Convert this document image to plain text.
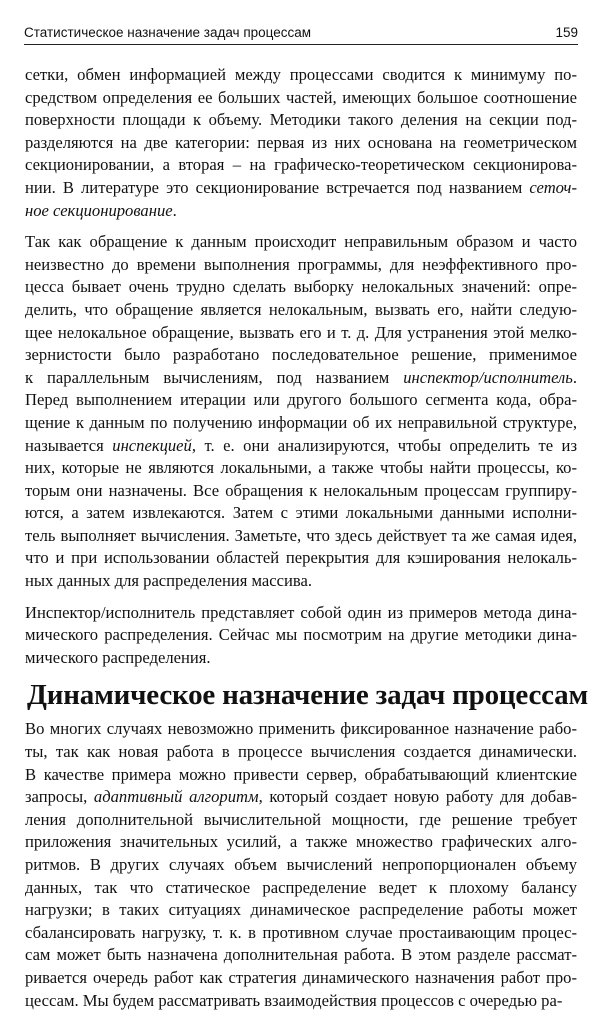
Статистическое назначение задач процессам	159
сетки, обмен информацией между процессами сводится к минимуму по-
средством определения ее больших частей, имеющих большое соотношение
поверхности площади к объему. Методики такого деления на секции под-
разделяются на две категории: первая из них основана на геометрическом
секционировании, а вторая – на графическо-теоретическом секционирова-
нии. В литературе это секционирование встречается под названием сеточ-
ное секционирование.
Так как обращение к данным происходит неправильным образом и часто
неизвестно до времени выполнения программы, для неэффективного про-
цесса бывает очень трудно сделать выборку нелокальных значений: опре-
делить, что обращение является нелокальным, вызвать его, найти следую-
щее нелокальное обращение, вызвать его и т. д. Для устранения этой мелко-
зернистости было разработано последовательное решение, применимое
к параллельным вычислениям, под названием инспектор/исполнитель.
Перед выполнением итерации или другого большого сегмента кода, обра-
щение к данным по получению информации об их неправильной структуре,
называется инспекцией, т. е. они анализируются, чтобы определить те из
них, которые не являются локальными, а также чтобы найти процессы, ко-
торым они назначены. Все обращения к нелокальным процессам группиру-
ются, а затем извлекаются. Затем с этими локальными данными исполни-
тель выполняет вычисления. Заметьте, что здесь действует та же самая идея,
что и при использовании областей перекрытия для кэширования нелокаль-
ных данных для распределения массива.
Инспектор/исполнитель представляет собой один из примеров метода дина-
мического распределения. Сейчас мы посмотрим на другие методики дина-
мического распределения.
Динамическое назначение задач процессам
Во многих случаях невозможно применить фиксированное назначение рабо-
ты, так как новая работа в процессе вычисления создается динамически.
В качестве примера можно привести сервер, обрабатывающий клиентские
запросы, адаптивный алгоритм, который создает новую работу для добав-
ления дополнительной вычислительной мощности, где решение требует
приложения значительных усилий, а также множество графических алго-
ритмов. В других случаях объем вычислений непропорционален объему
данных, так что статическое распределение ведет к плохому балансу
нагрузки; в таких ситуациях динамическое распределение работы может
сбалансировать нагрузку, т. к. в противном случае простаивающим процес-
сам может быть назначена дополнительная работа. В этом разделе рассмат-
ривается очередь работ как стратегия динамического назначения работ про-
цессам. Мы будем рассматривать взаимодействия процессов с очередью ра-
